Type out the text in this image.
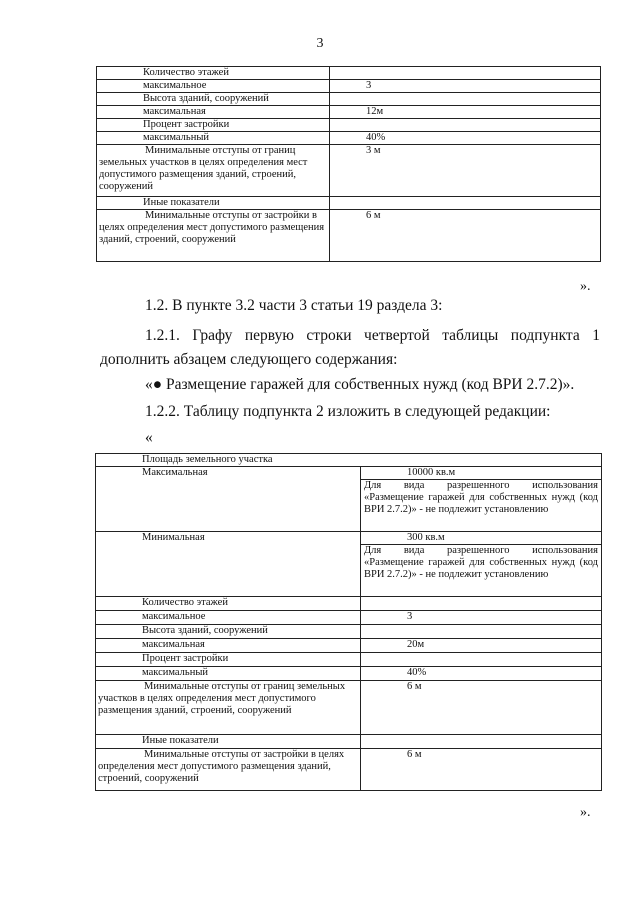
3
Количество этажей	
максимальное	3
Высота зданий, сооружений	
максимальная	12м
Процент застройки	
максимальный	40%
Минимальные отступы от границ земельных участков в целях определения мест допустимого размещения зданий, строений, сооружений	3 м
Иные показатели	
Минимальные отступы от застройки в целях определения мест допустимого размещения зданий, строений, сооружений	6 м
».
1.2. В пункте 3.2 части 3 статьи 19 раздела 3:
1.2.1. Графу первую строки четвертой таблицы подпункта 1
дополнить абзацем следующего содержания:
«● Размещение гаражей для собственных нужд (код ВРИ 2.7.2)».
1.2.2. Таблицу подпункта 2 изложить в следующей редакции:
«
Площадь земельного участка	
Максимальная	10000 кв.м
	Для вида разрешенного использования «Размещение гаражей для собственных нужд (код ВРИ 2.7.2)» - не подлежит установлению
Минимальная	300 кв.м
	Для вида разрешенного использования «Размещение гаражей для собственных нужд (код ВРИ 2.7.2)» - не подлежит установлению
Количество этажей	
максимальное	3
Высота зданий, сооружений	
максимальная	20м
Процент застройки	
максимальный	40%
Минимальные отступы от границ земельных участков в целях определения мест допустимого размещения зданий, строений, сооружений	6 м
Иные показатели	
Минимальные отступы от застройки в целях определения мест допустимого размещения зданий, строений, сооружений	6 м
».
